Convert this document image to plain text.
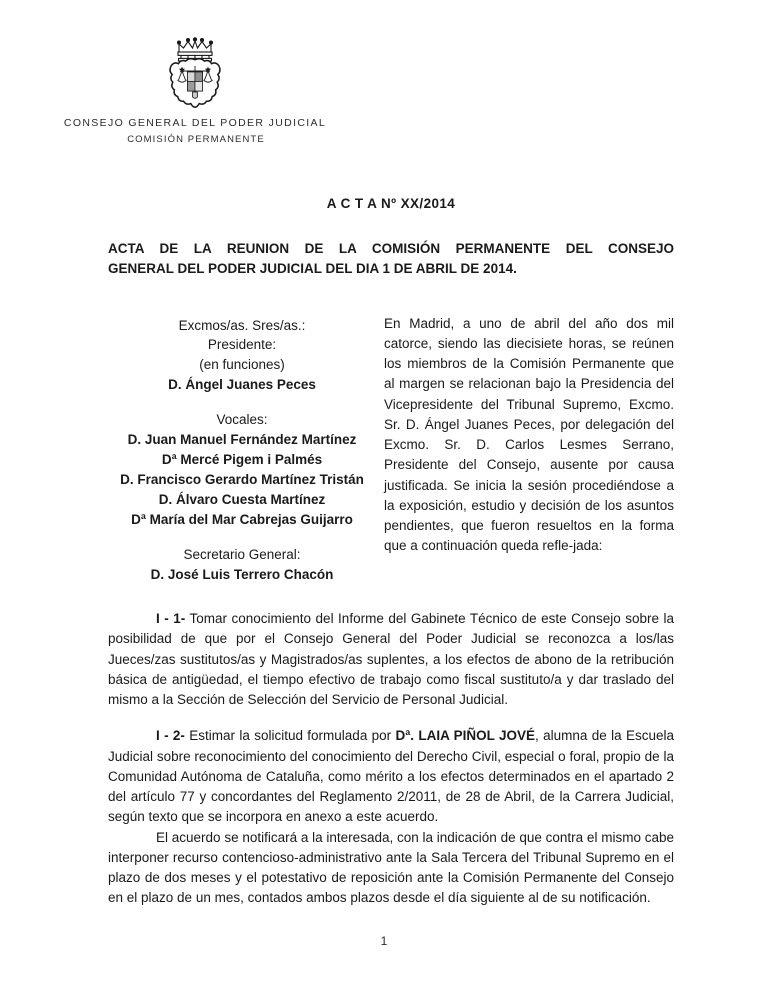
CONSEJO GENERAL DEL PODER JUDICIAL
COMISIÓN PERMANENTE
A C T A Nº XX/2014
ACTA DE LA REUNION DE LA COMISIÓN PERMANENTE DEL CONSEJO
GENERAL DEL PODER JUDICIAL DEL DIA 1 DE ABRIL DE 2014.
Excmos/as. Sres/as.:
Presidente:
(en funciones)
D. Ángel Juanes Peces
Vocales:
D. Juan Manuel Fernández Martínez
Dª Mercé Pigem i Palmés
D. Francisco Gerardo Martínez Tristán
D. Álvaro Cuesta Martínez
Dª María del Mar Cabrejas Guijarro
Secretario General:
D. José Luis Terrero Chacón
En Madrid, a uno de abril del año dos mil catorce, siendo las diecisiete horas, se reúnen los miembros de la Comisión Permanente que al margen se relacionan bajo la Presidencia del Vicepresidente del Tribunal Supremo, Excmo. Sr. D. Ángel Juanes Peces, por delegación del Excmo. Sr. D. Carlos Lesmes Serrano, Presidente del Consejo, ausente por causa justificada. Se inicia la sesión procediéndose a la exposición, estudio y decisión de los asuntos pendientes, que fueron resueltos en la forma que a continuación queda refle-jada:
I - 1- Tomar conocimiento del Informe del Gabinete Técnico de este Consejo sobre la posibilidad de que por el Consejo General del Poder Judicial se reconozca a los/las Jueces/zas sustitutos/as y Magistrados/as suplentes, a los efectos de abono de la retribución básica de antigüedad, el tiempo efectivo de trabajo como fiscal sustituto/a y dar traslado del mismo a la Sección de Selección del Servicio de Personal Judicial.
I - 2- Estimar la solicitud formulada por Dª. LAIA PIÑOL JOVÉ, alumna de la Escuela Judicial sobre reconocimiento del conocimiento del Derecho Civil, especial o foral, propio de la Comunidad Autónoma de Cataluña, como mérito a los efectos determinados en el apartado 2 del artículo 77 y concordantes del Reglamento 2/2011, de 28 de Abril, de la Carrera Judicial, según texto que se incorpora en anexo a este acuerdo.
El acuerdo se notificará a la interesada, con la indicación de que contra el mismo cabe interponer recurso contencioso-administrativo ante la Sala Tercera del Tribunal Supremo en el plazo de dos meses y el potestativo de reposición ante la Comisión Permanente del Consejo en el plazo de un mes, contados ambos plazos desde el día siguiente al de su notificación.
1
